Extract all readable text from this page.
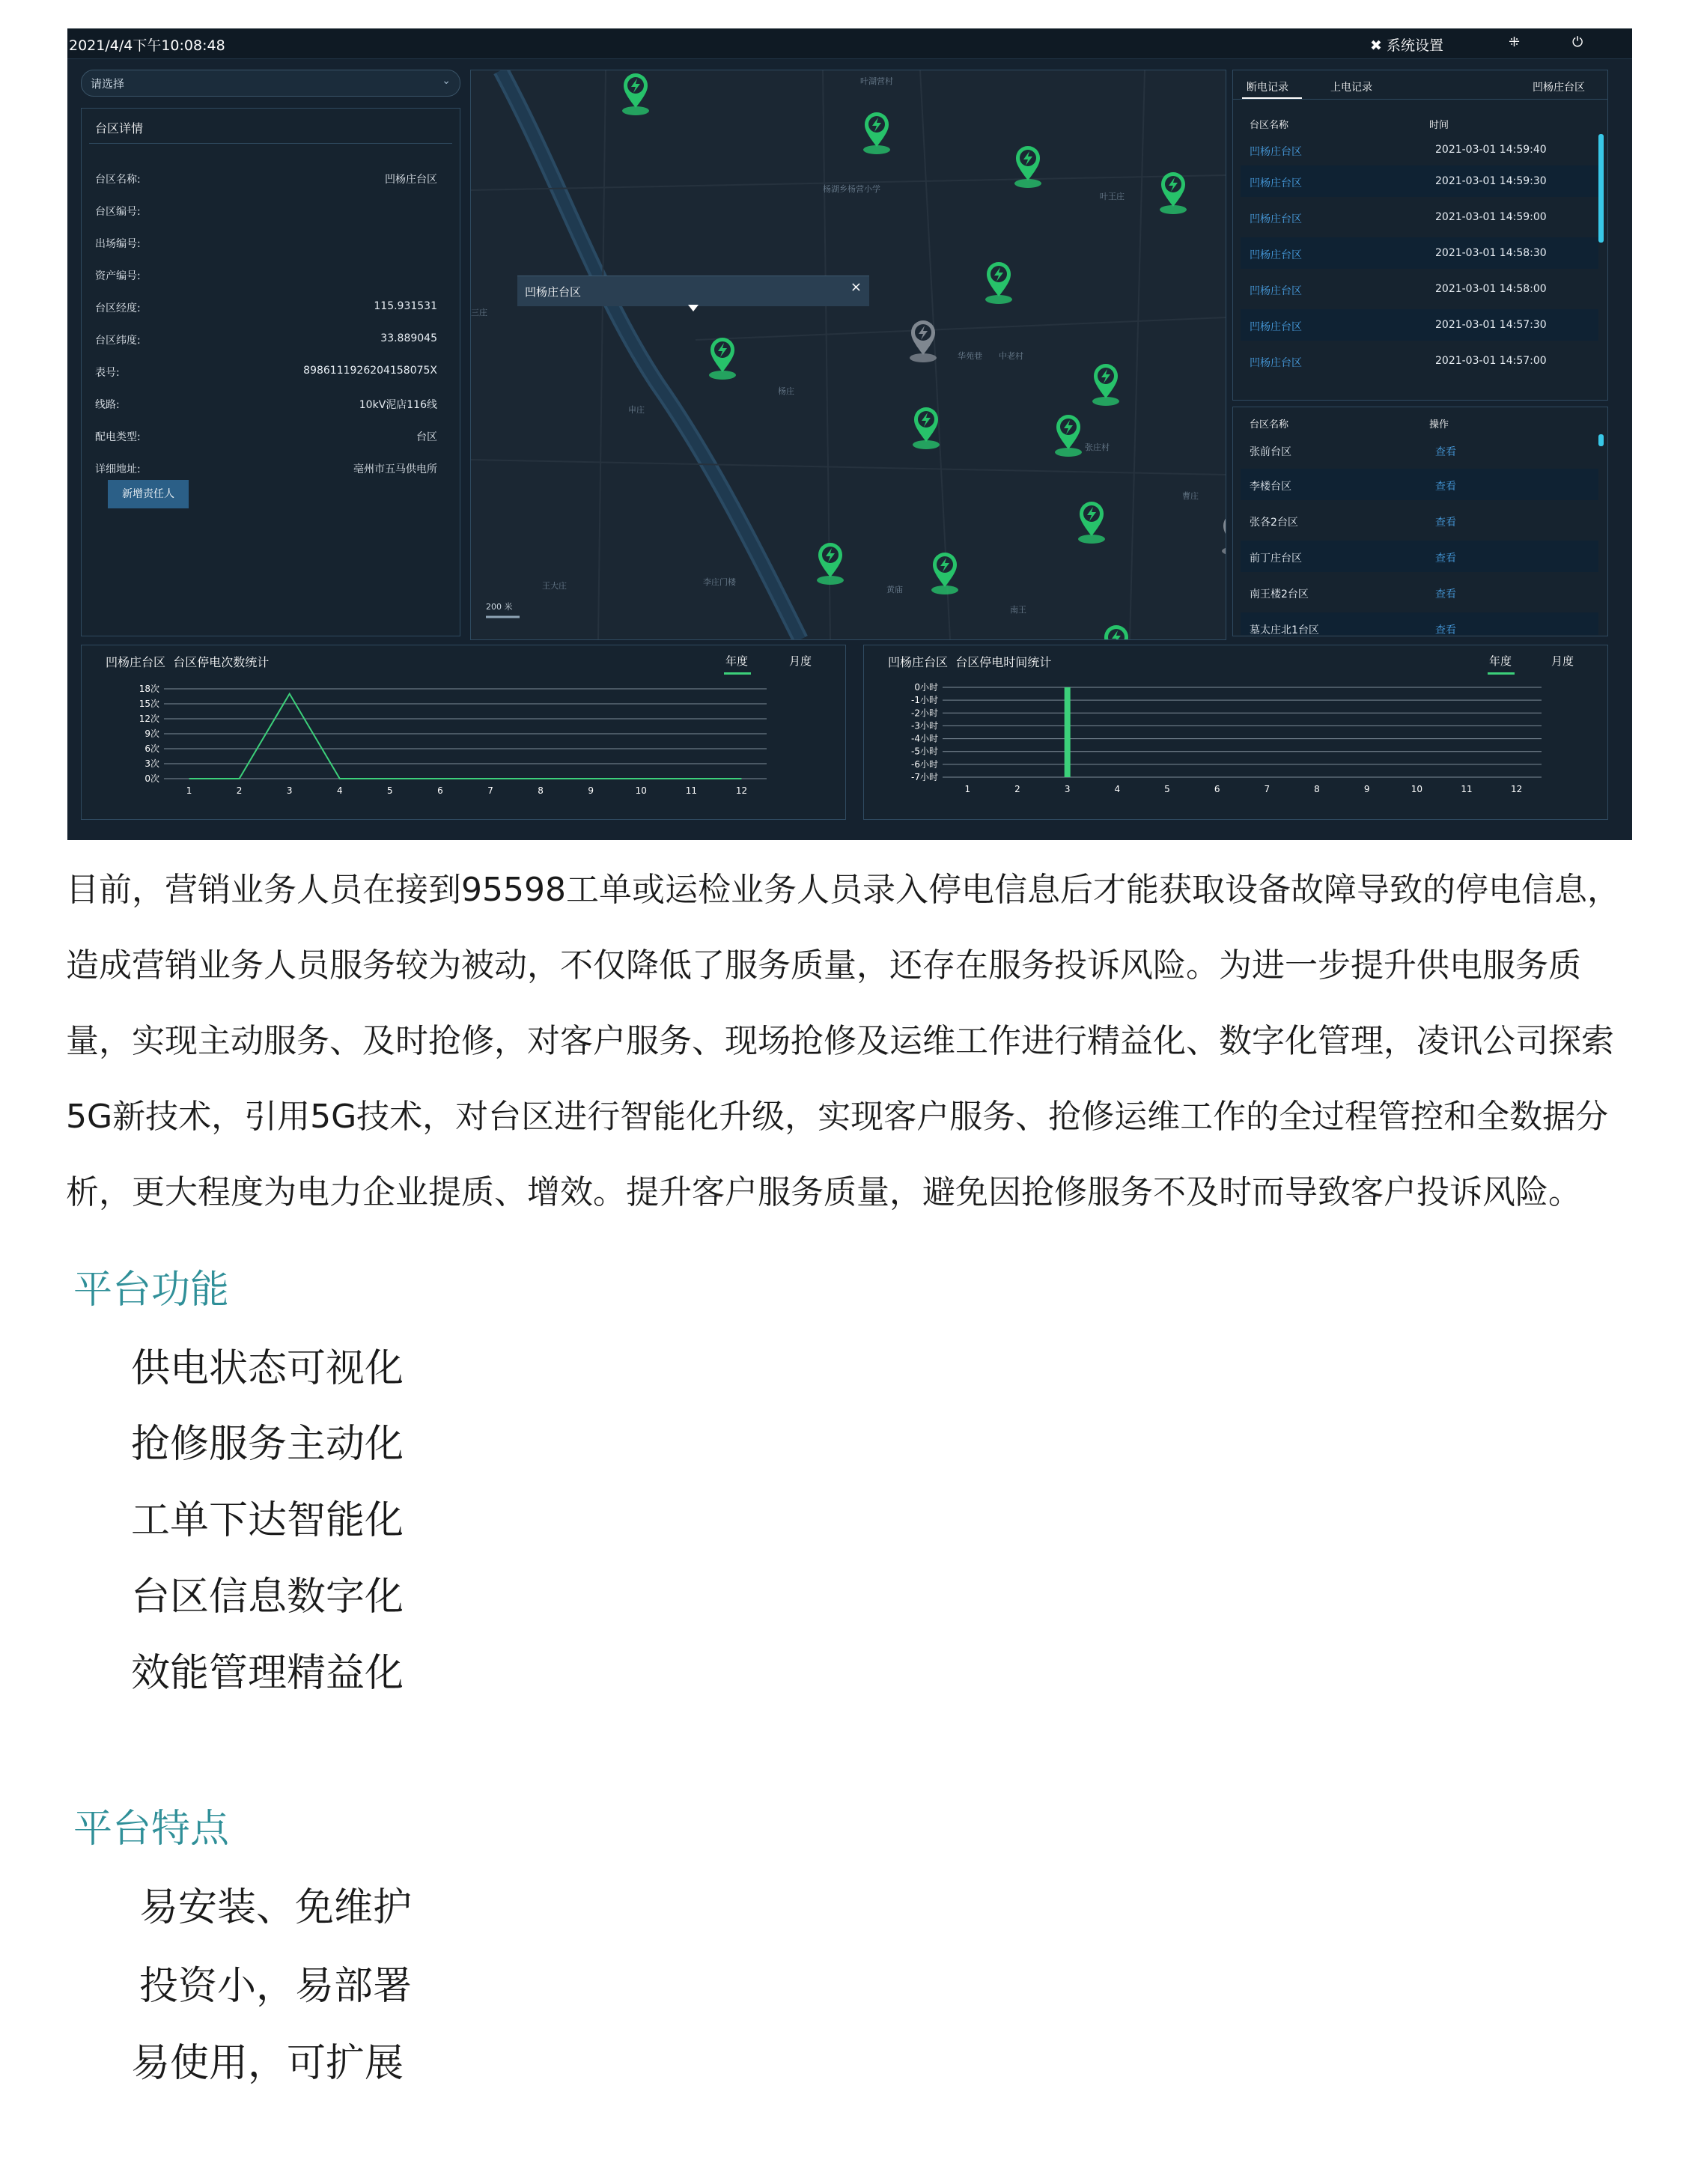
2021/4/4下午10:08:48	✖ 系统设置	⁜	⏻
请选择	⌄
台区详情
台区名称:	凹杨庄台区
台区编号:
出场编号:
资产编号:
台区经度:	115.931531
台区纬度:	33.889045
表号:	8986111926204158075X
线路:	10kV泥店116线
配电类型:	台区
详细地址:	亳州市五马供电所
新增责任人
叶湖营村
杨湖乡杨营小学
叶王庄
杨庄
华苑巷 中老村
申庄
张庄村
王大庄	李庄门楼
黄庙
曹庄
三庄
南王
凹杨庄台区	×
200 米
断电记录	上电记录	凹杨庄台区
台区名称	时间
凹杨庄台区	2021-03-01 14:59:40
凹杨庄台区	2021-03-01 14:59:30
凹杨庄台区	2021-03-01 14:59:00
凹杨庄台区	2021-03-01 14:58:30
凹杨庄台区	2021-03-01 14:58:00
凹杨庄台区	2021-03-01 14:57:30
凹杨庄台区	2021-03-01 14:57:00
台区名称	操作
张前台区	查看
李楼台区	查看
张各2台区	查看
前丁庄台区	查看
南王楼2台区	查看
墓太庄北1台区	查看
凹杨庄台区 台区停电次数统计	年度	月度
0次
3次
6次
9次
12次
15次
18次
1	2	3	4	5	6	7	8	9	10	11	12
凹杨庄台区 台区停电时间统计	年度	月度
0小时
-1小时
-2小时
-3小时
-4小时
-5小时
-6小时
-7小时
1	2	3	4	5	6	7	8	9	10	11	12

目前，营销业务人员在接到95598工单或运检业务人员录入停电信息后才能获取设备故障导致的停电信息，造成营销业务人员服务较为被动，不仅降低了服务质量，还存在服务投诉风险。为进一步提升供电服务质量，实现主动服务、及时抢修，对客户服务、现场抢修及运维工作进行精益化、数字化管理，凌讯公司探索5G新技术，引用5G技术，对台区进行智能化升级，实现客户服务、抢修运维工作的全过程管控和全数据分析，更大程度为电力企业提质、增效。提升客户服务质量，避免因抢修服务不及时而导致客户投诉风险。

平台功能
供电状态可视化
抢修服务主动化
工单下达智能化
台区信息数字化
效能管理精益化
平台特点
易安装、免维护
投资小，易部署
易使用，可扩展
